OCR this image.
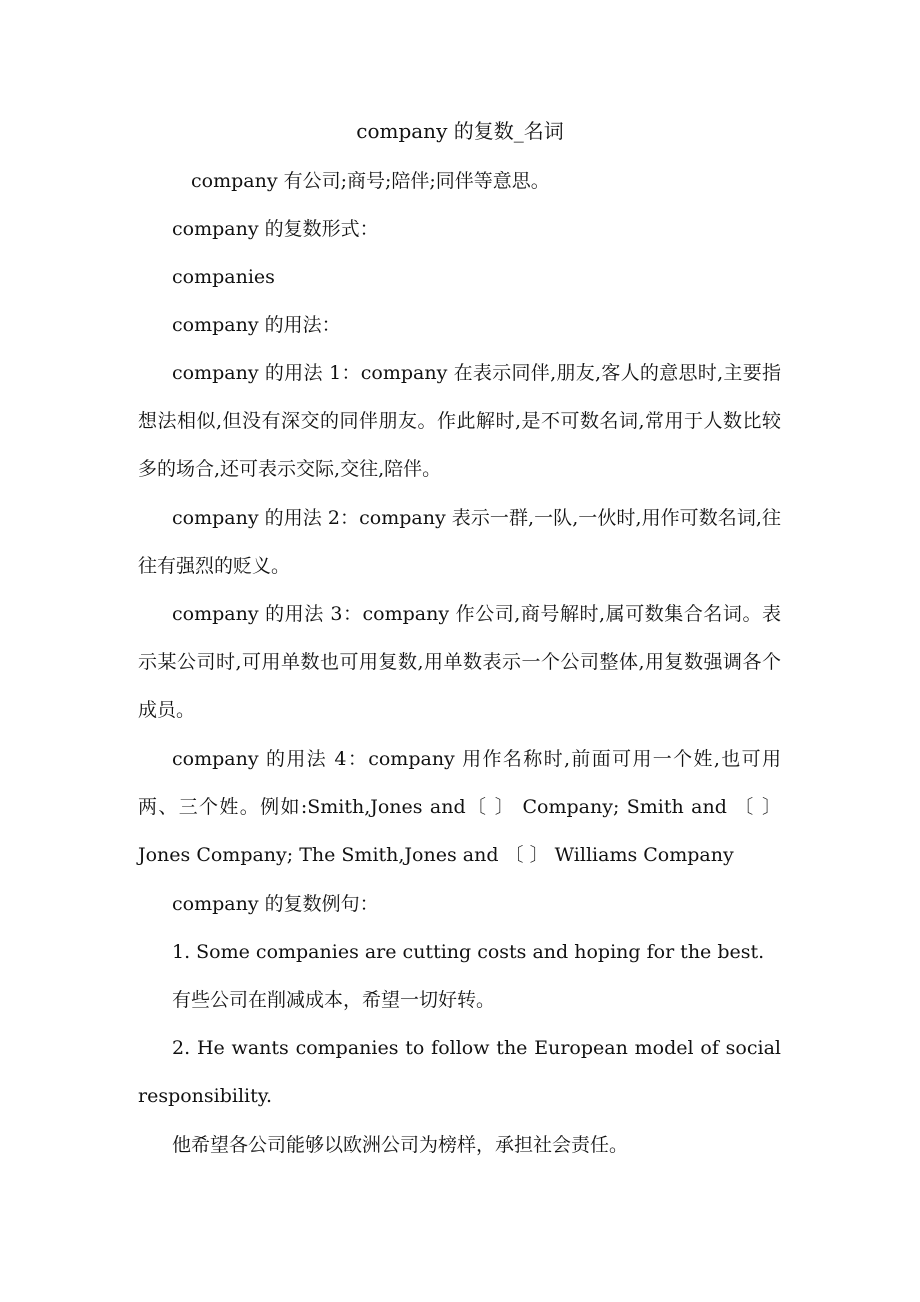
company 的复数_名词

company 有公司;商号;陪伴;同伴等意思。

company 的复数形式：

companies

company 的用法：

company 的用法 1：company 在表示同伴,朋友,客人的意思时,主要指想法相似,但没有深交的同伴朋友。作此解时,是不可数名词,常用于人数比较多的场合,还可表示交际,交往,陪伴。

company 的用法 2：company 表示一群,一队,一伙时,用作可数名词,往往有强烈的贬义。

company 的用法 3：company 作公司,商号解时,属可数集合名词。表示某公司时,可用单数也可用复数,用单数表示一个公司整体,用复数强调各个成员。

company 的用法 4：company 用作名称时,前面可用一个姓,也可用两、三个姓。例如:Smith,Jones and〔 〕 Company; Smith and 〔 〕 Jones Company; The Smith,Jones and 〔 〕 Williams Company

company 的复数例句：

1. Some companies are cutting costs and hoping for the best.

有些公司在削减成本，希望一切好转。

2. He wants companies to follow the European model of social responsibility.

他希望各公司能够以欧洲公司为榜样，承担社会责任。
